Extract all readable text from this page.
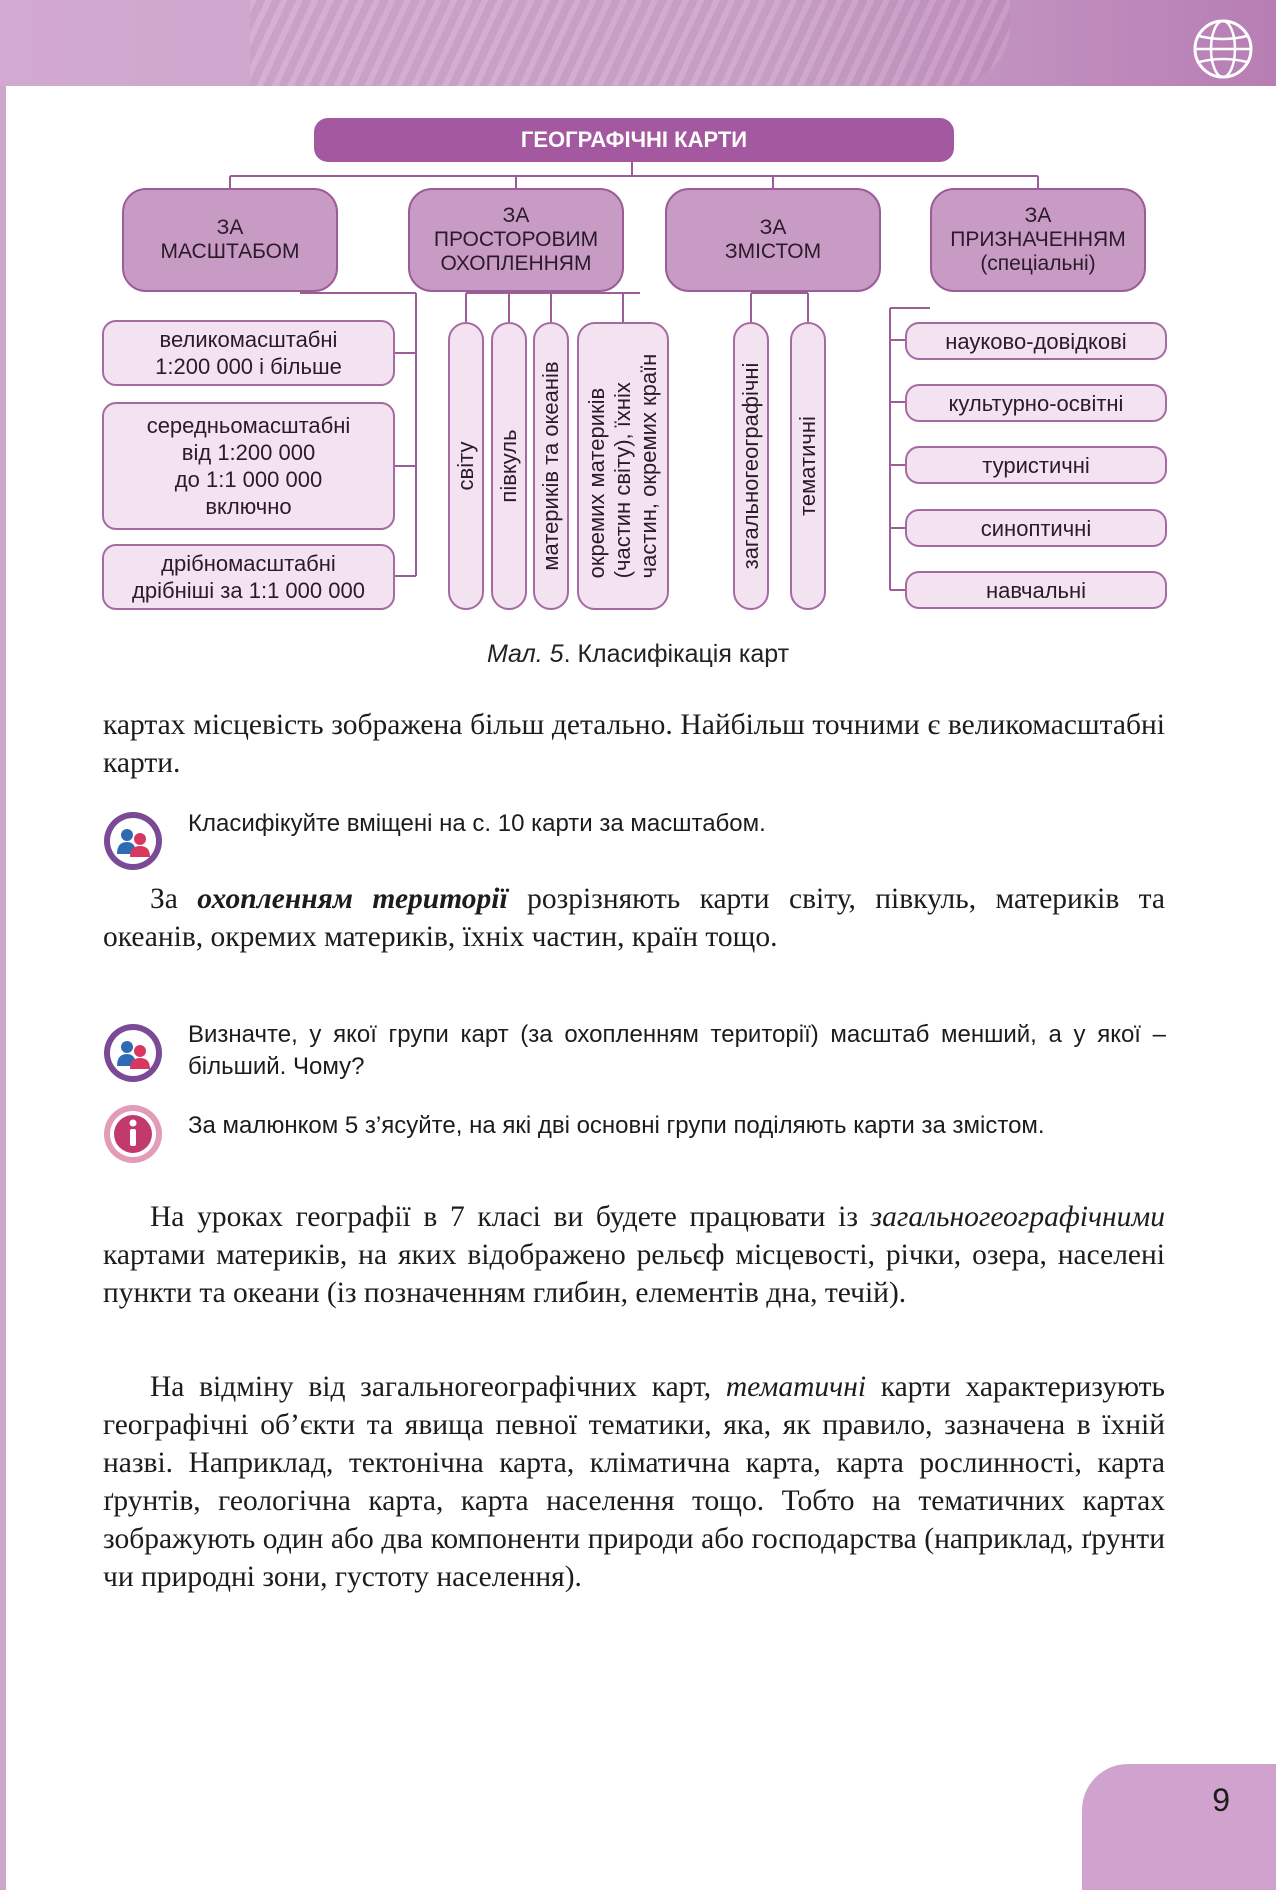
ГЕОГРАФІЧНІ КАРТИ
ЗА
МАСШТАБОМ
ЗА
ПРОСТОРОВИМ
ОХОПЛЕННЯМ
ЗА
ЗМІСТОМ
ЗА
ПРИЗНАЧЕННЯМ
(спеціальні)
великомасштабні
1:200 000 і більше
середньомасштабні
від 1:200 000
до 1:1 000 000
включно
дрібномасштабні
дрібніші за 1:1 000 000
світу півкуль материків та океанів окремих материків
(частин світу), їхніх
частин, окремих країн	загальногеографічні тематичні
науково-довідкові
культурно-освітні
туристичні
синоптичні
навчальні
Мал. 5. Класифікація карт
картах місцевість зображена більш детально. Найбільш точними є великомасштабні карти.
Класифікуйте вміщені на с. 10 карти за масштабом.
За охопленням території розрізняють карти світу, півкуль, материків та океанів, окремих материків, їхніх частин, країн тощо.
Визначте, у якої групи карт (за охопленням території) масштаб менший, а у якої – більший. Чому?
За малюнком 5 з’ясуйте, на які дві основні групи поділяють карти за змістом.
На уроках географії в 7 класі ви будете працювати із загальногеографічними картами материків, на яких відображено рельєф місцевості, річки, озера, населені пункти та океани (із позначенням глибин, елементів дна, течій).
На відміну від загальногеографічних карт, тематичні карти характеризують географічні об’єкти та явища певної тематики, яка, як правило, зазначена в їхній назві. Наприклад, тектонічна карта, кліматична карта, карта рослинності, карта ґрунтів, геологічна карта, карта населення тощо. Тобто на тематичних картах зображують один або два компоненти природи або господарства (наприклад, ґрунти чи природні зони, густоту населення).
9
